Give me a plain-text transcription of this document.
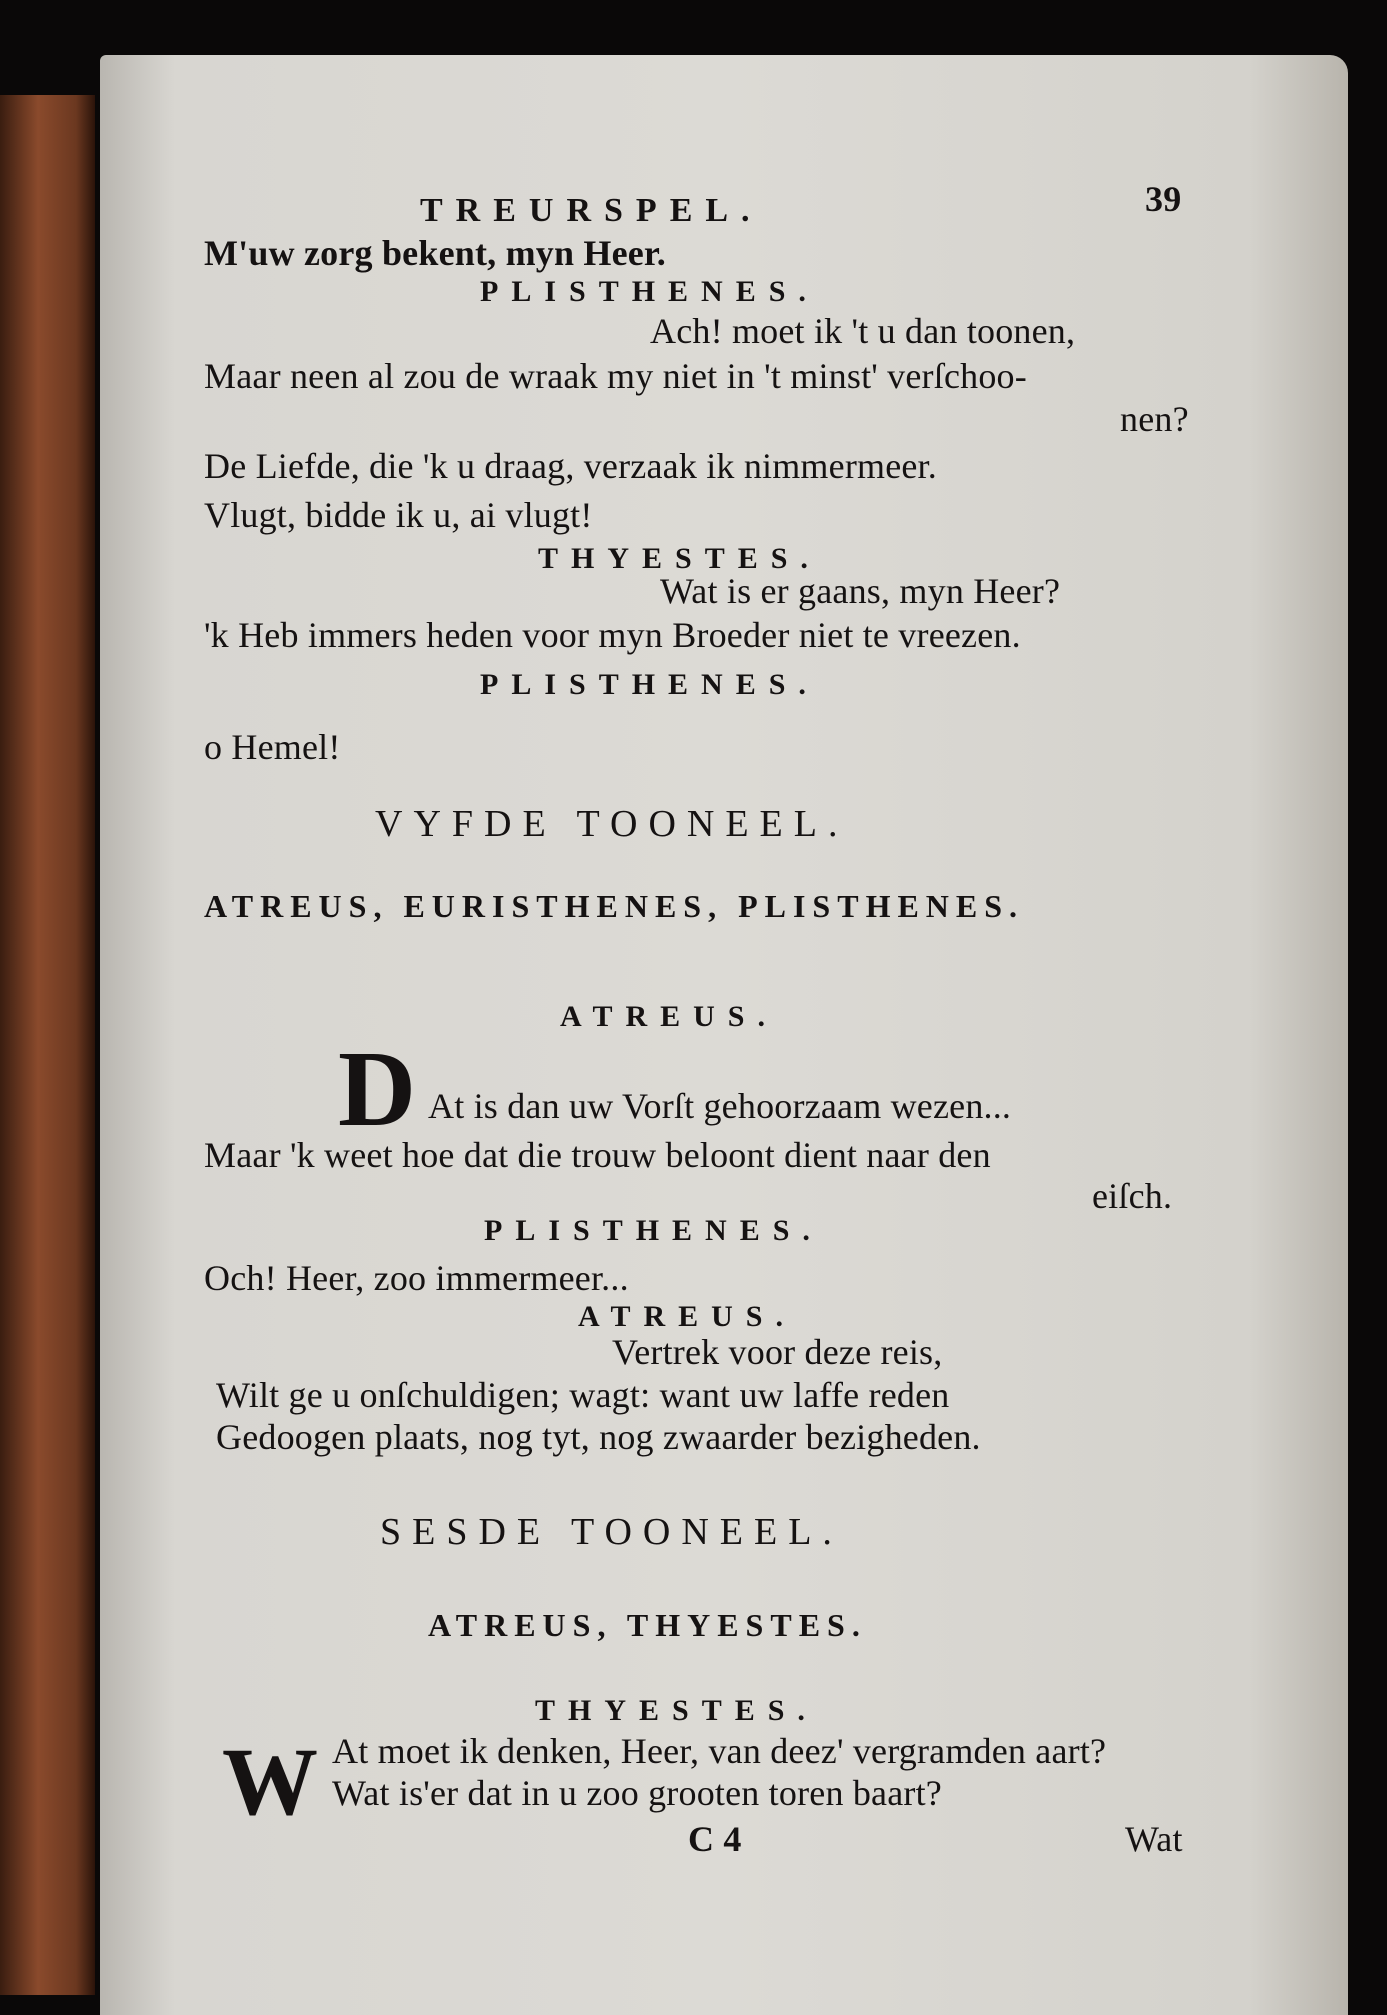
TREURSPEL.	39
M'uw zorg bekent, myn Heer.
PLISTHENES.
Ach! moet ik 't u dan toonen,
Maar neen al zou de wraak my niet in 't minst' verſchoo-
nen?
De Liefde, die 'k u draag, verzaak ik nimmermeer.
Vlugt, bidde ik u, ai vlugt!
THYESTES.
Wat is er gaans, myn Heer?
'k Heb immers heden voor myn Broeder niet te vreezen.
PLISTHENES.
o Hemel!
VYFDE TOONEEL.
ATREUS, EURISTHENES, PLISTHENES.
ATREUS.
D At is dan uw Vorſt gehoorzaam wezen...
Maar 'k weet hoe dat die trouw beloont dient naar den
eiſch.
PLISTHENES.
Och! Heer, zoo immermeer...
ATREUS.
Vertrek voor deze reis,
Wilt ge u onſchuldigen; wagt: want uw laffe reden
Gedoogen plaats, nog tyt, nog zwaarder bezigheden.
SESDE TOONEEL.
ATREUS, THYESTES.
THYESTES.
W At moet ik denken, Heer, van deez' vergramden aart?
Wat is'er dat in u zoo grooten toren baart?
C 4	Wat
